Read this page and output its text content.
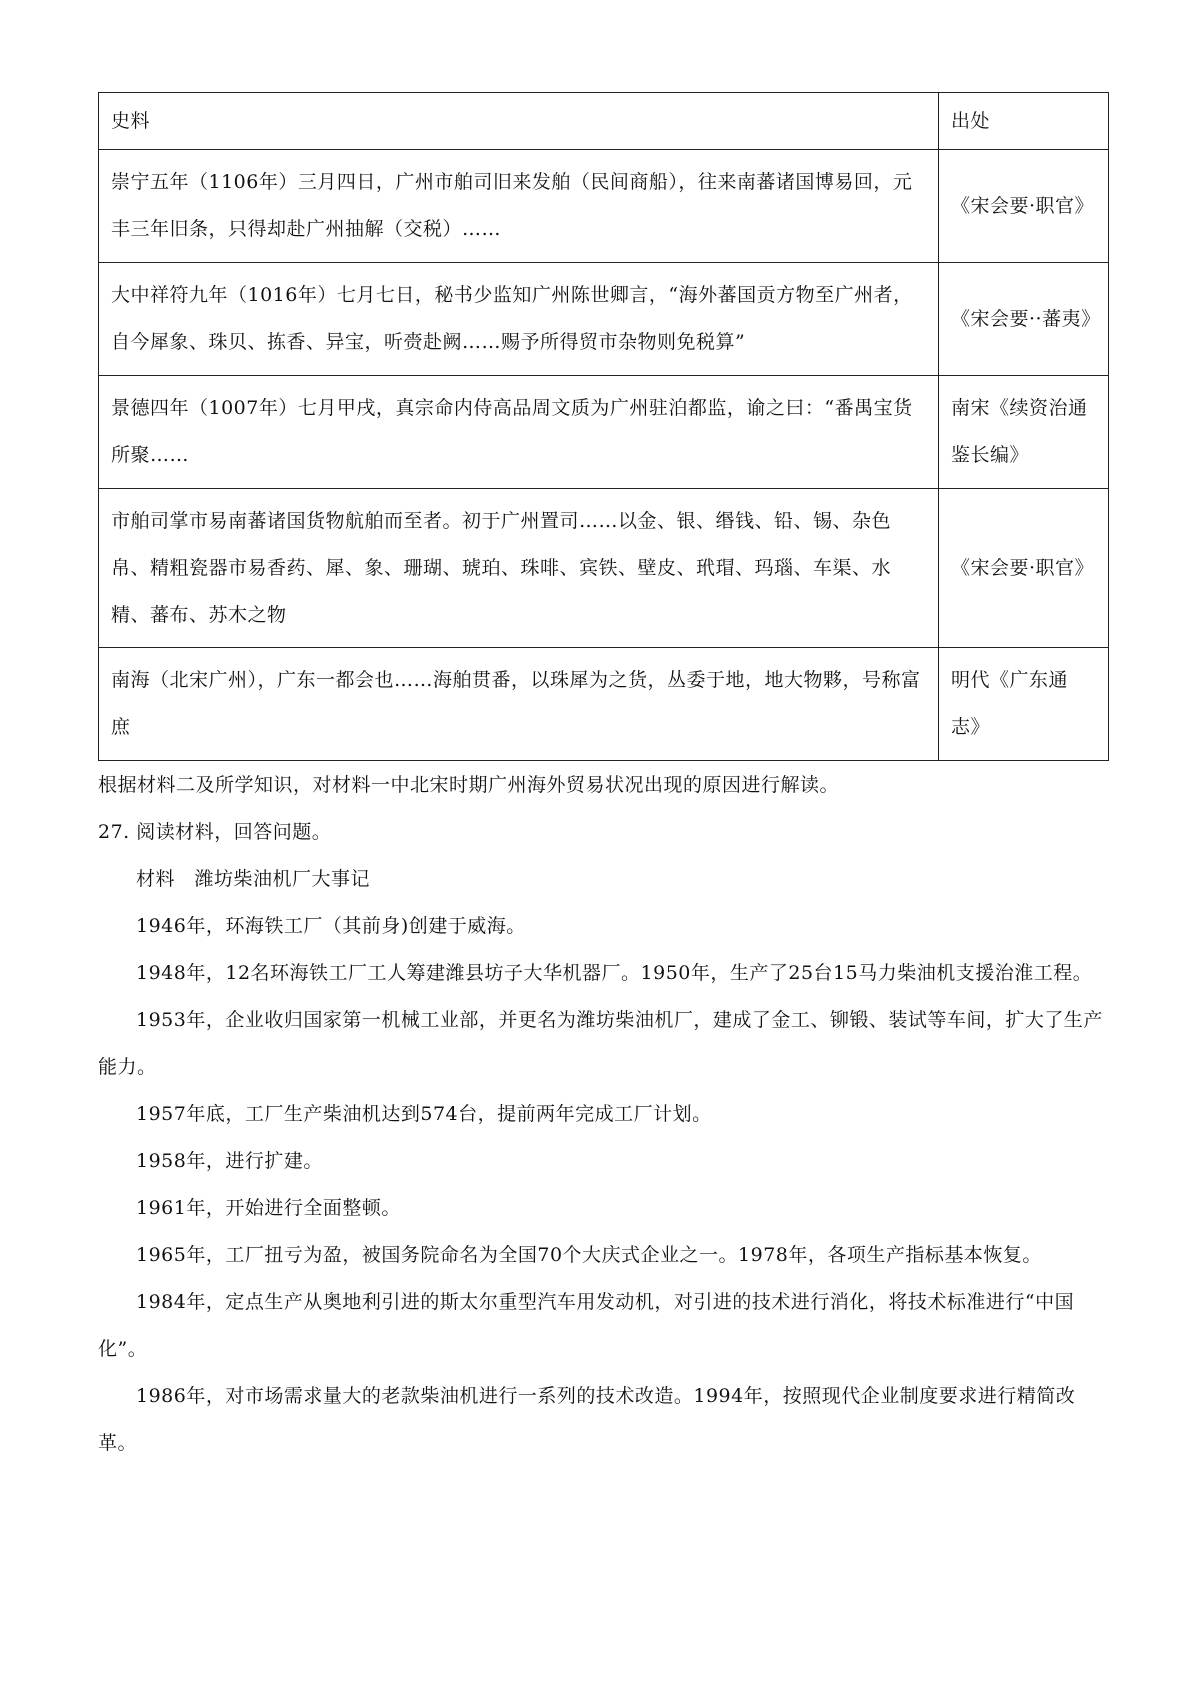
史料	出处
崇宁五年（1106年）三月四日，广州市舶司旧来发舶（民间商船），往来南蕃诸国博易回，元丰三年旧条，只得却赴广州抽解（交税）……	《宋会要·职官》
大中祥符九年（1016年）七月七日，秘书少监知广州陈世卿言，“海外蕃国贡方物至广州者，自今犀象、珠贝、拣香、异宝，听赍赴阙……赐予所得贸市杂物则免税算”	《宋会要··蕃夷》
景德四年（1007年）七月甲戌，真宗命内侍高品周文质为广州驻泊都监，谕之曰：“番禺宝货所聚……	南宋《续资治通鉴长编》
市舶司掌市易南蕃诸国货物航舶而至者。初于广州置司……以金、银、缗钱、铅、锡、杂色帛、精粗瓷器市易香药、犀、象、珊瑚、琥珀、珠啡、宾铁、壁皮、玳瑁、玛瑙、车渠、水精、蕃布、苏木之物	《宋会要·职官》
南海（北宋广州），广东一都会也……海舶贯番，以珠犀为之货，丛委于地，地大物夥，号称富庶	明代《广东通志》

根据材料二及所学知识，对材料一中北宋时期广州海外贸易状况出现的原因进行解读。

27. 阅读材料，回答问题。

材料　潍坊柴油机厂大事记

1946年，环海铁工厂（其前身)创建于威海。

1948年，12名环海铁工厂工人筹建潍县坊子大华机器厂。1950年，生产了25台15马力柴油机支援治淮工程。

1953年，企业收归国家第一机械工业部，并更名为潍坊柴油机厂，建成了金工、铆锻、装试等车间，扩大了生产能力。

1957年底，工厂生产柴油机达到574台，提前两年完成工厂计划。

1958年，进行扩建。

1961年，开始进行全面整顿。

1965年，工厂扭亏为盈，被国务院命名为全国70个大庆式企业之一。1978年，各项生产指标基本恢复。

1984年，定点生产从奥地利引进的斯太尔重型汽车用发动机，对引进的技术进行消化，将技术标准进行“中国化”。

1986年，对市场需求量大的老款柴油机进行一系列的技术改造。1994年，按照现代企业制度要求进行精简改革。
